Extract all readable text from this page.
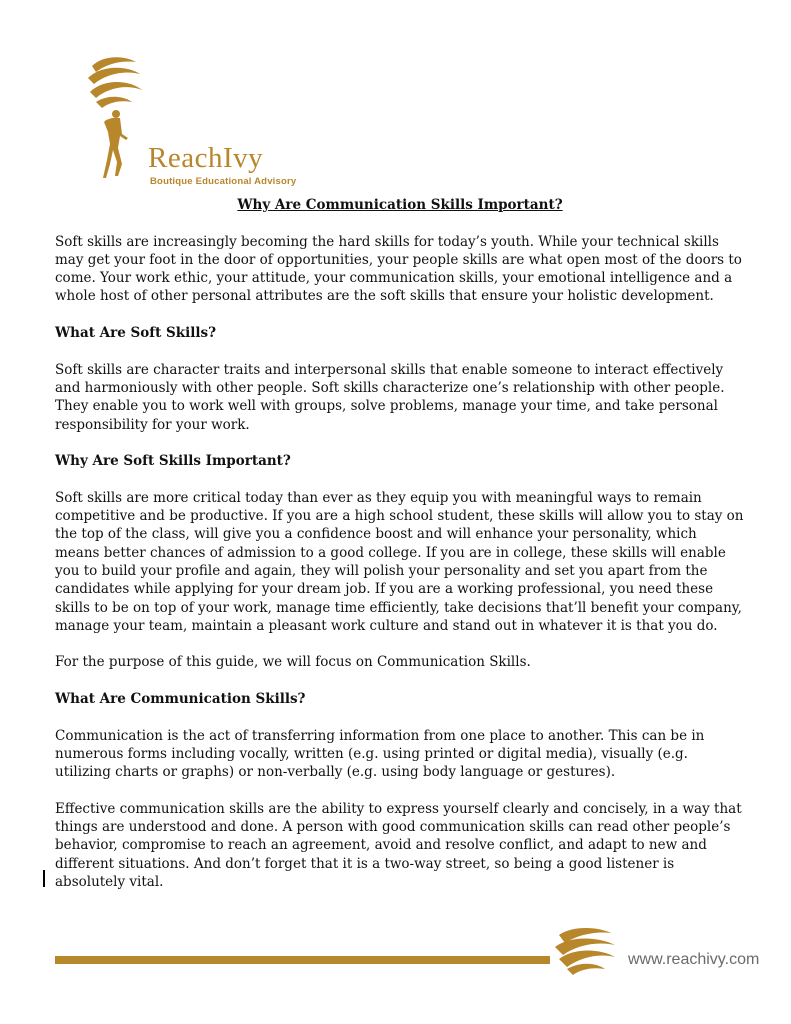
ReachIvy
Boutique Educational Advisory
Why Are Communication Skills Important?

Soft skills are increasingly becoming the hard skills for today’s youth. While your technical skills may get your foot in the door of opportunities, your people skills are what open most of the doors to come. Your work ethic, your attitude, your communication skills, your emotional intelligence and a whole host of other personal attributes are the soft skills that ensure your holistic development.

What Are Soft Skills?

Soft skills are character traits and interpersonal skills that enable someone to interact effectively and harmoniously with other people. Soft skills characterize one’s relationship with other people. They enable you to work well with groups, solve problems, manage your time, and take personal responsibility for your work.

Why Are Soft Skills Important?

Soft skills are more critical today than ever as they equip you with meaningful ways to remain competitive and be productive. If you are a high school student, these skills will allow you to stay on the top of the class, will give you a confidence boost and will enhance your personality, which means better chances of admission to a good college. If you are in college, these skills will enable you to build your profile and again, they will polish your personality and set you apart from the candidates while applying for your dream job. If you are a working professional, you need these skills to be on top of your work, manage time efficiently, take decisions that’ll benefit your company, manage your team, maintain a pleasant work culture and stand out in whatever it is that you do.

For the purpose of this guide, we will focus on Communication Skills.

What Are Communication Skills?

Communication is the act of transferring information from one place to another. This can be in numerous forms including vocally, written (e.g. using printed or digital media), visually (e.g. utilizing charts or graphs) or non-verbally (e.g. using body language or gestures).

Effective communication skills are the ability to express yourself clearly and concisely, in a way that things are understood and done. A person with good communication skills can read other people’s behavior, compromise to reach an agreement, avoid and resolve conflict, and adapt to new and different situations. And don’t forget that it is a two-way street, so being a good listener is absolutely vital.

www.reachivy.com
